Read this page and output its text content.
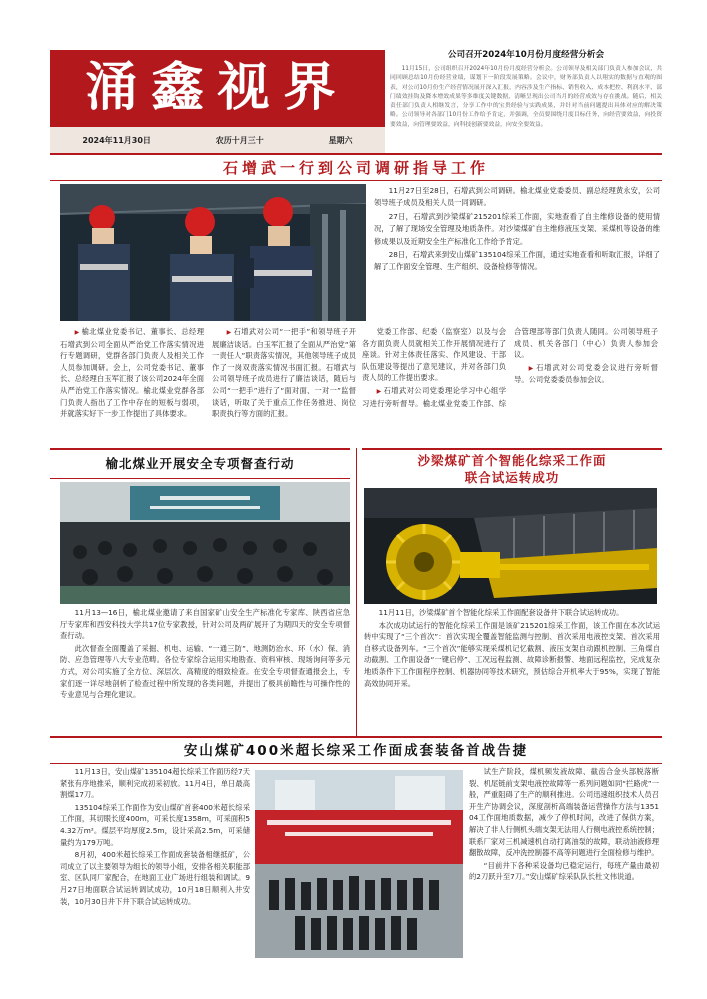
涌鑫视界
2024年11月30日	农历十月三十	星期六
公司召开2024年10月份月度经营分析会
11月15日，公司组织召开2024年10月份月度经营分析会。公司领导及相关部门负责人参加会议，共同回顾总结10月份经营业绩，谋划下一阶段发展策略。会议中，财务部负责人以翔实的数据与直观的图表，对公司10月份生产经营情况展开深入汇报，内容涉及生产指标、销售收入、成本把控、利润水平、部门绩效挂钩及降本增效成果等多维度关键数据，清晰呈现出公司当月的经营成效与存在挑战。随后，相关责任部门负责人相继发言，分享工作中的宝贵经验与实践成果，并针对当前问题提出具体对应的解决策略。公司领导对各部门10月份工作给予肯定，并强调，全员要围绕月度目标任务，向经营要效益，向投资要效益，向管理要效益，向科技创新要效益，向安全要效益。
石增武一行到公司调研指导工作

11月27日至28日，石增武到公司调研。榆北煤业党委委员、副总经理黄永安，公司领导班子成员及相关人员一同调研。

27日，石增武到沙梁煤矿215201综采工作面，实地查看了自主维修设备的使用情况，了解了现场安全管理及地质条件。对沙梁煤矿自主维修液压支架、采煤机等设备的维修成果以及近期安全生产标准化工作给予肯定。

28日，石增武来到安山煤矿135104综采工作面，通过实地查看和听取汇报，详细了解了工作面安全管理、生产组织、设备检修等情况。

▶ 榆北煤业党委书记、董事长、总经理石增武到公司全面从严治党工作落实情况进行专题调研，党群各部门负责人及相关工作人员参加调研。会上，公司党委书记、董事长、总经理白玉军汇报了该公司2024年全面从严治党工作落实情况。榆北煤业党群各部门负责人指出了工作中存在的短板与弱项，并就落实好下一步工作提出了具体要求。

▶ 石增武对公司“一把手”和领导班子开展廉洁谈话。白玉军汇报了全面从严治党“第一责任人”职责落实情况，其他领导班子成员作了一岗双责落实情况书面汇报。石增武与公司领导班子成员进行了廉洁谈话，随后与公司“一把手”进行了“面对面、一对一”监督谈话，听取了关于重点工作任务推进、岗位职责执行等方面的汇报。

党委工作部、纪委（监察室）以及与会各方面负责人员就相关工作开展情况进行了座谈。针对主体责任落实、作风建设、干部队伍建设等提出了意见建议，并对各部门负责人员的工作提出要求。

▶ 石增武对公司党委理论学习中心组学习进行旁听督导。榆北煤业党委工作部、综合管理部等部门负责人随同。公司领导班子成员、机关各部门（中心）负责人参加会议。

▶ 石增武对公司党委会议进行旁听督导。公司党委委员参加会议。

榆北煤业开展安全专项督查行动

11月13—16日，榆北煤业邀请了来自国家矿山安全生产标准化专家库、陕西省应急厅专家库和西安科技大学共17位专家教授，针对公司及两矿展开了为期四天的安全专项督查行动。

此次督查全面覆盖了采掘、机电、运输、“一通三防”、地测防治水、环（水）保、消防、应急管理等八大专业范畴。各位专家综合运用实地勘查、资料审核、现场询问等多元方式，对公司实施了全方位、深层次、高精度的细致检查。在安全专项督查通报会上，专家们逐一详尽地剖析了检查过程中所发现的各类问题，并提出了极具前瞻性与可操作性的专业意见与合理化建议。

沙梁煤矿首个智能化综采工作面
联合试运转成功

11月11日，沙梁煤矿首个智能化综采工作面配套设备井下联合试运转成功。

本次成功试运行的智能化综采工作面是该矿215201综采工作面，该工作面在本次试运转中实现了“三个首次”：首次实现全覆盖智能监测与控制、首次采用电液控支架、首次采用自移式设备列车。“三个首次”能够实现采煤机记忆截割、液压支架自动跟机控制、三角煤自动截割、工作面设备“一键启停”、工况远程监测、故障诊断报警、地面远程监控，完成复杂地质条件下工作面程序控制、机器协同等技术研究，预估综合开机率大于95%，实现了智能高效协同开采。

安山煤矿400米超长综采工作面成套装备首战告捷

11月13日，安山煤矿135104超长综采工作面历经7天紧张有序地推采，顺利完成初采初放。11月4日，单日最高割煤17刀。

135104综采工作面作为安山煤矿首套400米超长综采工作面，其切眼长度400m，可采长度1358m，可采面积54.32万m²。煤层平均厚度2.5m，设计采高2.5m，可采储量约为179万吨。

8月初，400米超长综采工作面成套装备相继抵矿，公司成立了以主要领导为组长的领导小组，安排各相关职能部室、区队同厂家配合，在地面工业广场进行组装和调试。9月27日地面联合试运转调试成功，10月18日顺利入井安装，10月30日井下井下联合试运转成功。

试生产阶段，煤机频发液故障、截齿合金头部脱落断裂、机尾链前支架电液控故障等一系列问题如同“拦路虎”一般，严重阻碍了生产的顺利推进。公司迅速组织技术人员召开生产协调会议，深度剖析高端装备运营操作方法与135104工作面地质数据，减少了停机时间，改进了保供方案，解决了非人行侧机头端支架无法用人行侧电液控系统控制；联系厂家对三机减速机自动打离油泵的故障，联动油液修理翻散故障，反冲洗控制器不高等问题进行全面检修与维护。

“目前井下各种采设备均已稳定运行，每班产量由最初的2刀跃升至7刀。”安山煤矿综采队队长杜文伟说道。
